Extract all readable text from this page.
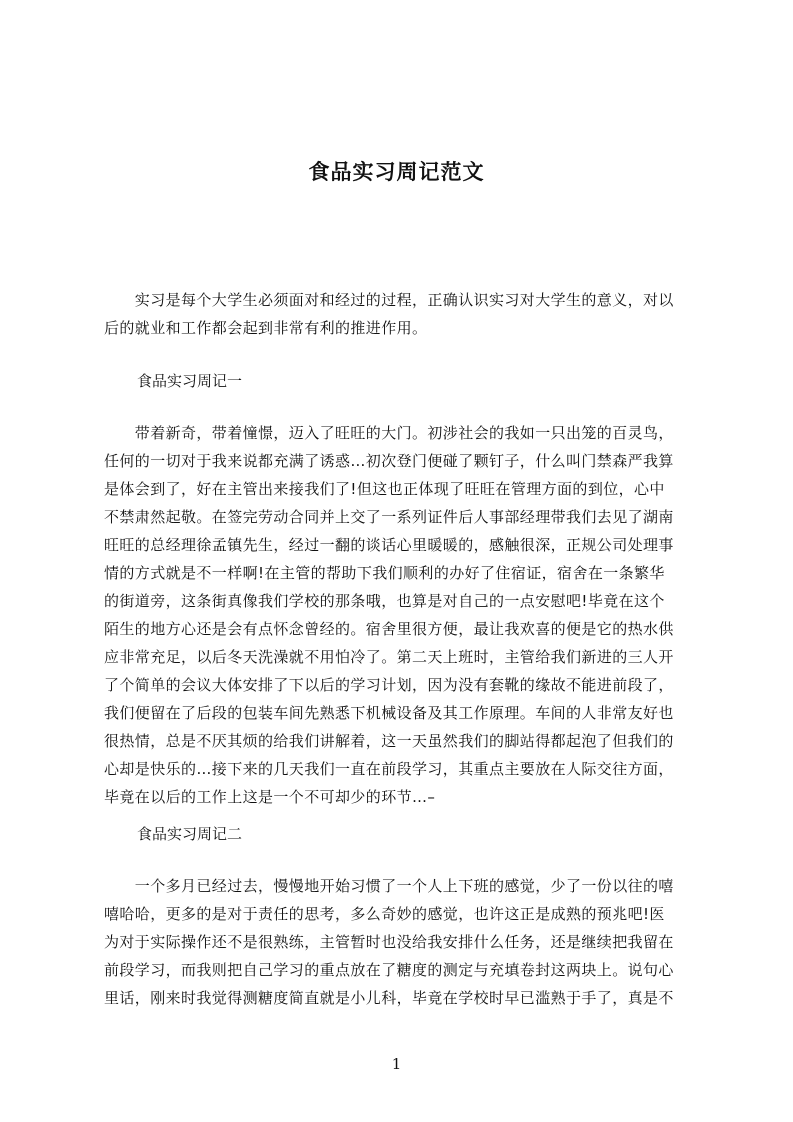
食品实习周记范文
　　实习是每个大学生必须面对和经过的过程，正确认识实习对大学生的意义，对以
后的就业和工作都会起到非常有利的推进作用。
食品实习周记一
　　带着新奇，带着憧憬，迈入了旺旺的大门。初涉社会的我如一只出笼的百灵鸟，
任何的一切对于我来说都充满了诱惑…初次登门便碰了颗钉子，什么叫门禁森严我算
是体会到了，好在主管出来接我们了!但这也正体现了旺旺在管理方面的到位，心中
不禁肃然起敬。在签完劳动合同并上交了一系列证件后人事部经理带我们去见了湖南
旺旺的总经理徐孟镇先生，经过一翻的谈话心里暖暖的，感触很深，正规公司处理事
情的方式就是不一样啊!在主管的帮助下我们顺利的办好了住宿证，宿舍在一条繁华
的街道旁，这条街真像我们学校的那条哦，也算是对自己的一点安慰吧!毕竟在这个
陌生的地方心还是会有点怀念曾经的。宿舍里很方便，最让我欢喜的便是它的热水供
应非常充足，以后冬天洗澡就不用怕冷了。第二天上班时，主管给我们新进的三人开
了个简单的会议大体安排了下以后的学习计划，因为没有套靴的缘故不能进前段了，
我们便留在了后段的包装车间先熟悉下机械设备及其工作原理。车间的人非常友好也
很热情，总是不厌其烦的给我们讲解着，这一天虽然我们的脚站得都起泡了但我们的
心却是快乐的…接下来的几天我们一直在前段学习，其重点主要放在人际交往方面，
毕竟在以后的工作上这是一个不可却少的环节…–
食品实习周记二
　　一个多月已经过去，慢慢地开始习惯了一个人上下班的感觉，少了一份以往的嘻
嘻哈哈，更多的是对于责任的思考，多么奇妙的感觉，也许这正是成熟的预兆吧!医
为对于实际操作还不是很熟练，主管暂时也没给我安排什么任务，还是继续把我留在
前段学习，而我则把自己学习的重点放在了糖度的测定与充填卷封这两块上。说句心
里话，刚来时我觉得测糖度简直就是小儿科，毕竟在学校时早已滥熟于手了，真是不
1
